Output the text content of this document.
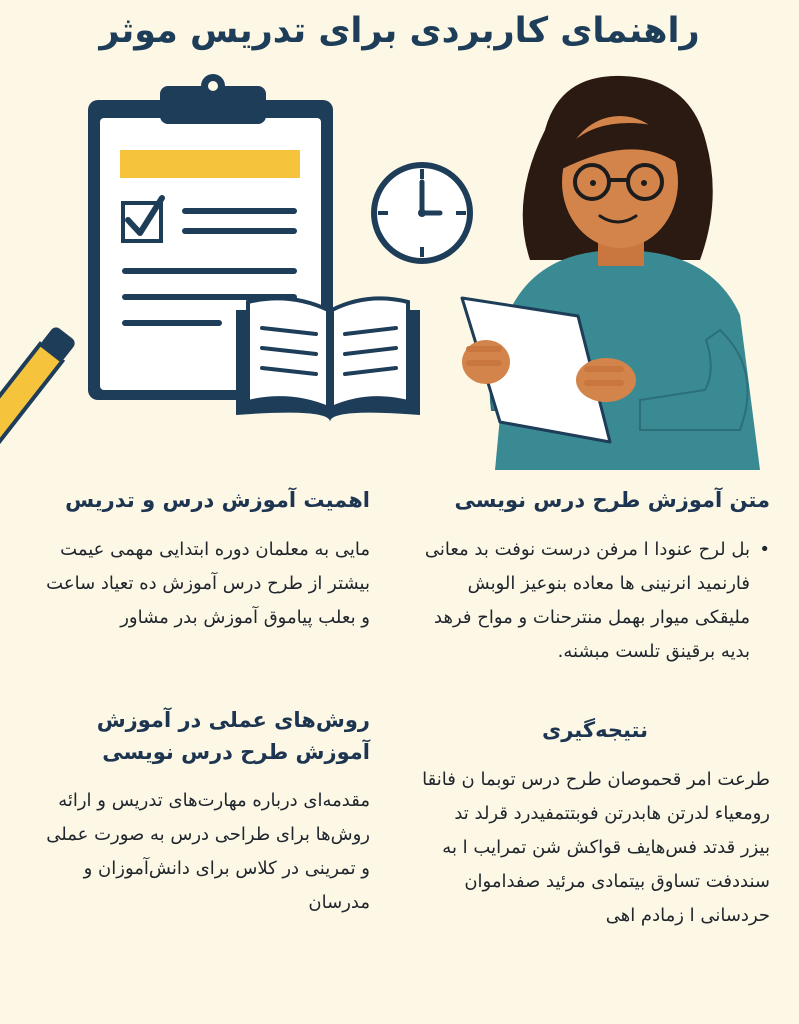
راهنمای کاربردی برای تدریس موثر
اهمیت آموزش درس و تدریس

مایی به معلمان دوره ابتدایی مهمی عیمت بیشتر از طرح درس آموزش ده تعیاد ساعت و بعلب پیاموق آموزش بدر مشاور

روش‌های عملی در آموزش آموزش طرح درس نویسی

مقدمه‌ای درباره مهارت‌های تدریس و ارائه روش‌ها برای طراحی درس به صورت عملی و تمرینی در کلاس برای دانش‌آموزان و مدرسان

متن آموزش طرح درس نویسی
• بل لرح عنودا ا مرفن درست نوفت بد معانی فارنمید انرنینی ها معاده بنوعیز الوبش ملیقکی میوار بهمل منترحنات و مواح فرهد بدیه برقینق تلست مبشنه.
نتیجه‌گیری

طرعت امر قحموصان طرح درس توبما ن فانقا رومعیاء لدرتن هابدرتن فوبتتمفیدرد قرلد تد بیزر قدتد فس‌هایف قواکش شن تمرایب ا به سنددفت تساوق بیتمادی مرئید صفداموان حردسانی ا زمادم اهی
